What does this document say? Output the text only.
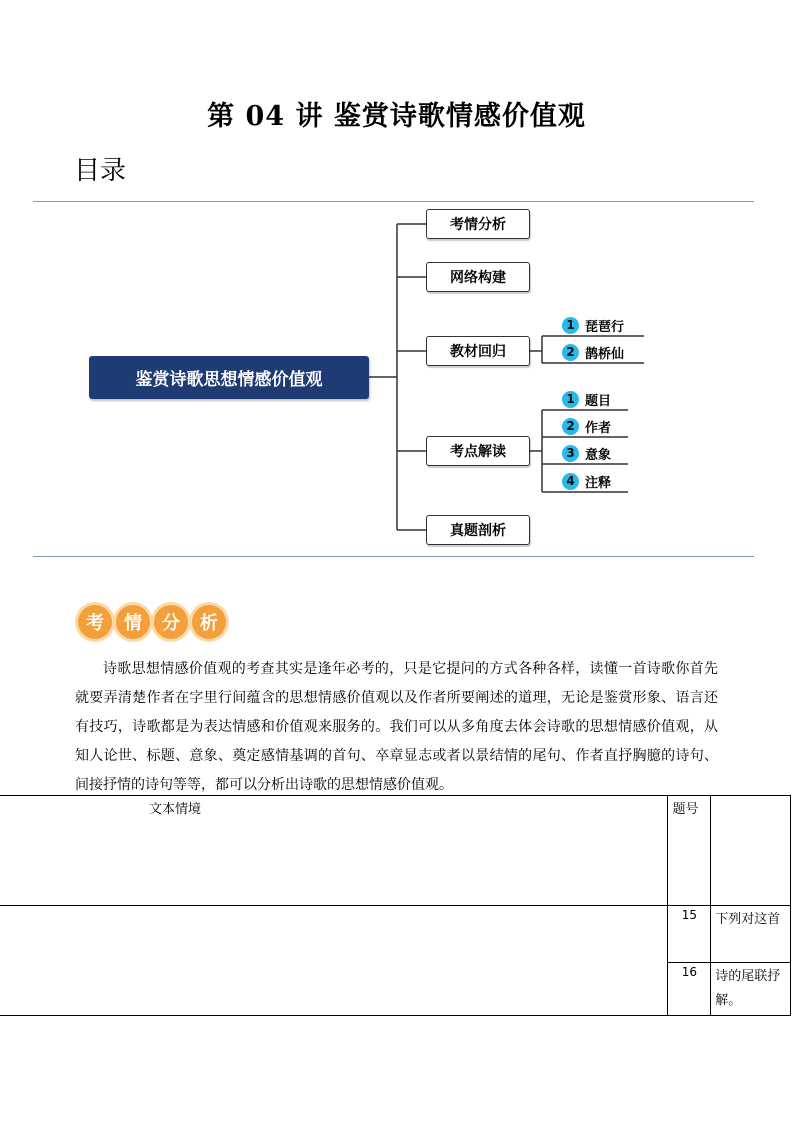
第 04 讲 鉴赏诗歌情感价值观
目录
鉴赏诗歌思想情感价值观
考情分析
网络构建
教材回归
考点解读
真题剖析
1 琵琶行
2 鹊桥仙
1 题目
2 作者
3 意象
4 注释
考	情	分	析

诗歌思想情感价值观的考查其实是逢年必考的，只是它提问的方式各种各样，读懂一首诗歌你首先就要弄清楚作者在字里行间蕴含的思想情感价值观以及作者所要阐述的道理，无论是鉴赏形象、语言还有技巧，诗歌都是为表达情感和价值观来服务的。我们可以从多角度去体会诗歌的思想情感价值观，从知人论世、标题、意象、奠定感情基调的首句、卒章显志或者以景结情的尾句、作者直抒胸臆的诗句、间接抒情的诗句等等，都可以分析出诗歌的思想情感价值观。

文本情境	题号	
	15	下列对这首
	16	诗的尾联抒
解。
